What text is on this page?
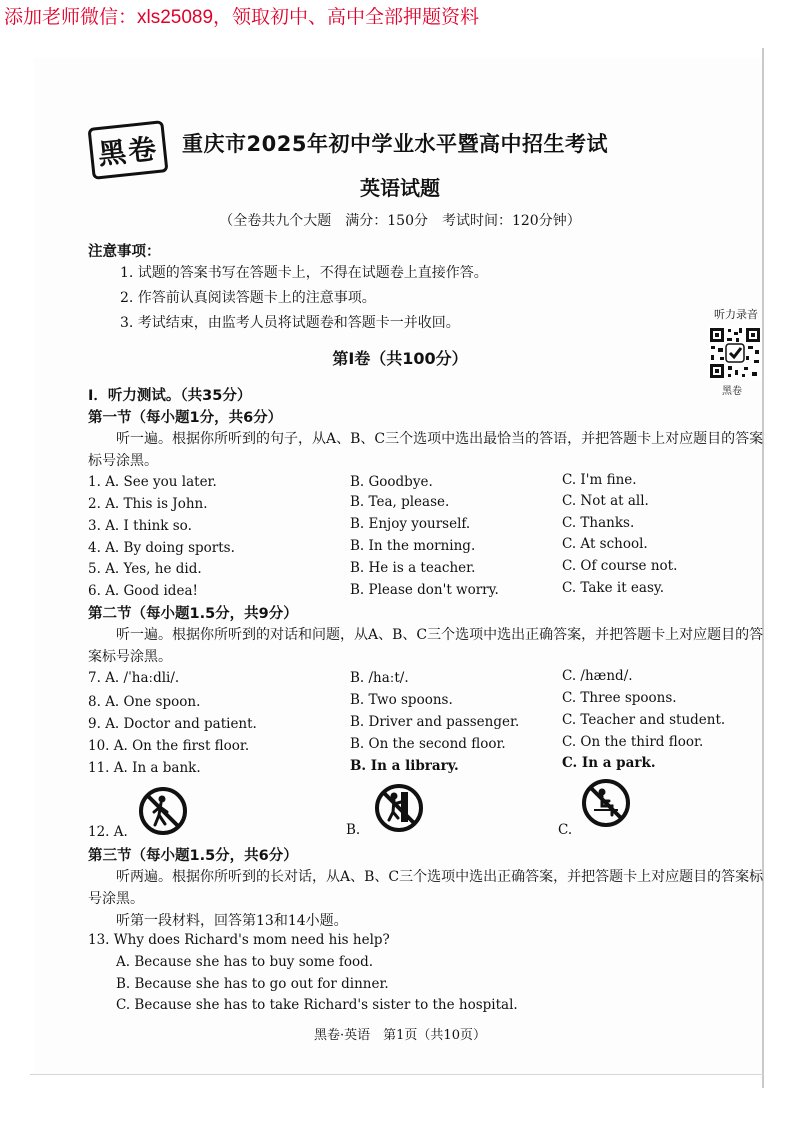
添加老师微信：xls25089，领取初中、高中全部押题资料
黑卷 重庆市2025年初中学业水平暨高中招生考试
英语试题
（全卷共九个大题　满分：150分　考试时间：120分钟）
注意事项：
1. 试题的答案书写在答题卡上，不得在试题卷上直接作答。
2. 作答前认真阅读答题卡上的注意事项。
3. 考试结束，由监考人员将试题卷和答题卡一并收回。
听力录音
黑卷
第Ⅰ卷（共100分）
Ⅰ．听力测试。（共35分）
第一节（每小题1分，共6分）
听一遍。根据你所听到的句子，从A、B、C三个选项中选出最恰当的答语，并把答题卡上对应题目的答案标号涂黑。
1. A. See you later.	B. Goodbye.	C. I'm fine.
2. A. This is John.	B. Tea, please.	C. Not at all.
3. A. I think so.	B. Enjoy yourself.	C. Thanks.
4. A. By doing sports.	B. In the morning.	C. At school.
5. A. Yes, he did.	B. He is a teacher.	C. Of course not.
6. A. Good idea!	B. Please don't worry.	C. Take it easy.
第二节（每小题1.5分，共9分）
听一遍。根据你所听到的对话和问题，从A、B、C三个选项中选出正确答案，并把答题卡上对应题目的答案标号涂黑。
7. A. /ˈhaːdli/.	B. /haːt/.	C. /hænd/.
8. A. One spoon.	B. Two spoons.	C. Three spoons.
9. A. Doctor and patient.	B. Driver and passenger.	C. Teacher and student.
10. A. On the first floor.	B. On the second floor.	C. On the third floor.
11. A. In a bank.	B. In a library.	C. In a park.
12. A.	B.	C.
第三节（每小题1.5分，共6分）
听两遍。根据你所听到的长对话，从A、B、C三个选项中选出正确答案，并把答题卡上对应题目的答案标号涂黑。
听第一段材料，回答第13和14小题。
13. Why does Richard's mom need his help?
A. Because she has to buy some food.
B. Because she has to go out for dinner.
C. Because she has to take Richard's sister to the hospital.
黑卷·英语　第1页（共10页）
